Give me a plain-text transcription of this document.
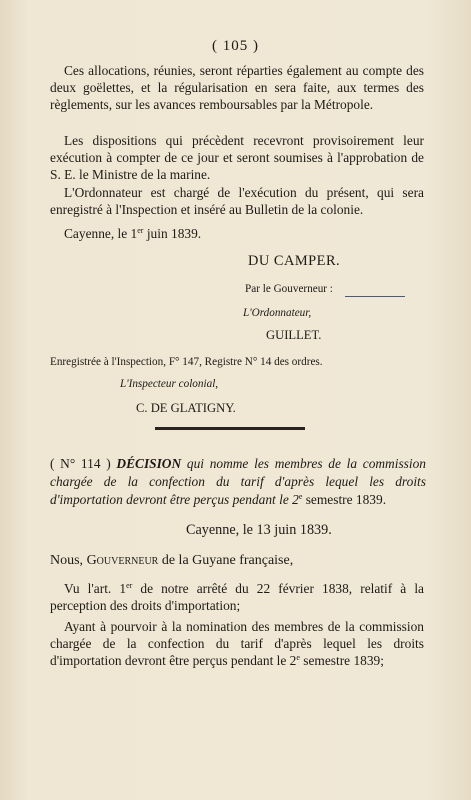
( 105 )

Ces allocations, réunies, seront réparties également au compte des deux goëlettes, et la régularisation en sera faite, aux termes des règlements, sur les avances remboursables par la Métropole.

Les dispositions qui précèdent recevront provisoirement leur exécution à compter de ce jour et seront soumises à l'approbation de S. E. le Ministre de la marine.

L'Ordonnateur est chargé de l'exécution du présent, qui sera enregistré à l'Inspection et inséré au Bulletin de la colonie.

Cayenne, le 1er juin 1839.
DU CAMPER.
Par le Gouverneur :
L'Ordonnateur,
GUILLET.
Enregistrée à l'Inspection, F° 147, Registre N° 14 des ordres.
L'Inspecteur colonial,
C. DE GLATIGNY.

( N° 114 ) DÉCISION qui nomme les membres de la commission chargée de la confection du tarif d'après lequel les droits d'importation devront être perçus pendant le 2e semestre 1839.

Cayenne, le 13 juin 1839.
Nous, Gouverneur de la Guyane française,

Vu l'art. 1er de notre arrêté du 22 février 1838, relatif à la perception des droits d'importation;

Ayant à pourvoir à la nomination des membres de la commission chargée de la confection du tarif d'après lequel les droits d'importation devront être perçus pendant le 2e semestre 1839;
